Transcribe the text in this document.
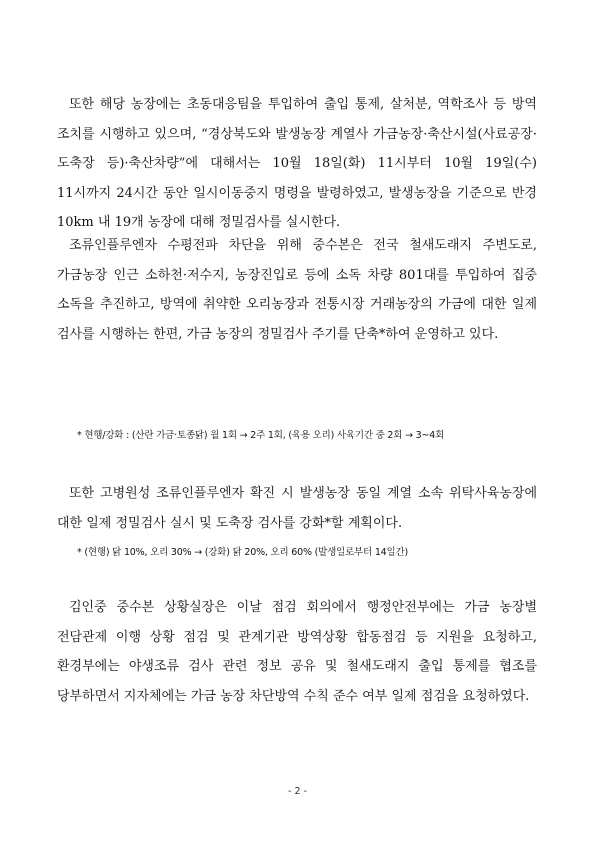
또한 해당 농장에는 초동대응팀을 투입하여 출입 통제, 살처분, 역학조사 등 방역 조치를 시행하고 있으며, “경상북도와 발생농장 계열사 가금농장·축산시설(사료공장·도축장 등)·축산차량”에 대해서는 10월 18일(화) 11시부터 10월 19일(수) 11시까지 24시간 동안 일시이동중지 명령을 발령하였고, 발생농장을 기준으로 반경 10km 내 19개 농장에 대해 정밀검사를 실시한다.

조류인플루엔자 수평전파 차단을 위해 중수본은 전국 철새도래지 주변도로, 가금농장 인근 소하천·저수지, 농장진입로 등에 소독 차량 801대를 투입하여 집중 소독을 추진하고, 방역에 취약한 오리농장과 전통시장 거래농장의 가금에 대한 일제 검사를 시행하는 한편, 가금 농장의 정밀검사 주기를 단축*하여 운영하고 있다.

* 현행/강화 : (산란 가금·토종닭) 월 1회 → 2주 1회, (육용 오리) 사육기간 중 2회 → 3~4회

또한 고병원성 조류인플루엔자 확진 시 발생농장 동일 계열 소속 위탁사육농장에 대한 일제 정밀검사 실시 및 도축장 검사를 강화*할 계획이다.

* (현행) 닭 10%, 오리 30% → (강화) 닭 20%, 오리 60% (발생일로부터 14일간)

김인중 중수본 상황실장은 이날 점검 회의에서 행정안전부에는 가금 농장별 전담관제 이행 상황 점검 및 관계기관 방역상황 합동점검 등 지원을 요청하고, 환경부에는 야생조류 검사 관련 정보 공유 및 철새도래지 출입 통제를 협조를 당부하면서 지자체에는 가금 농장 차단방역 수칙 준수 여부 일제 점검을 요청하였다.

- 2 -
